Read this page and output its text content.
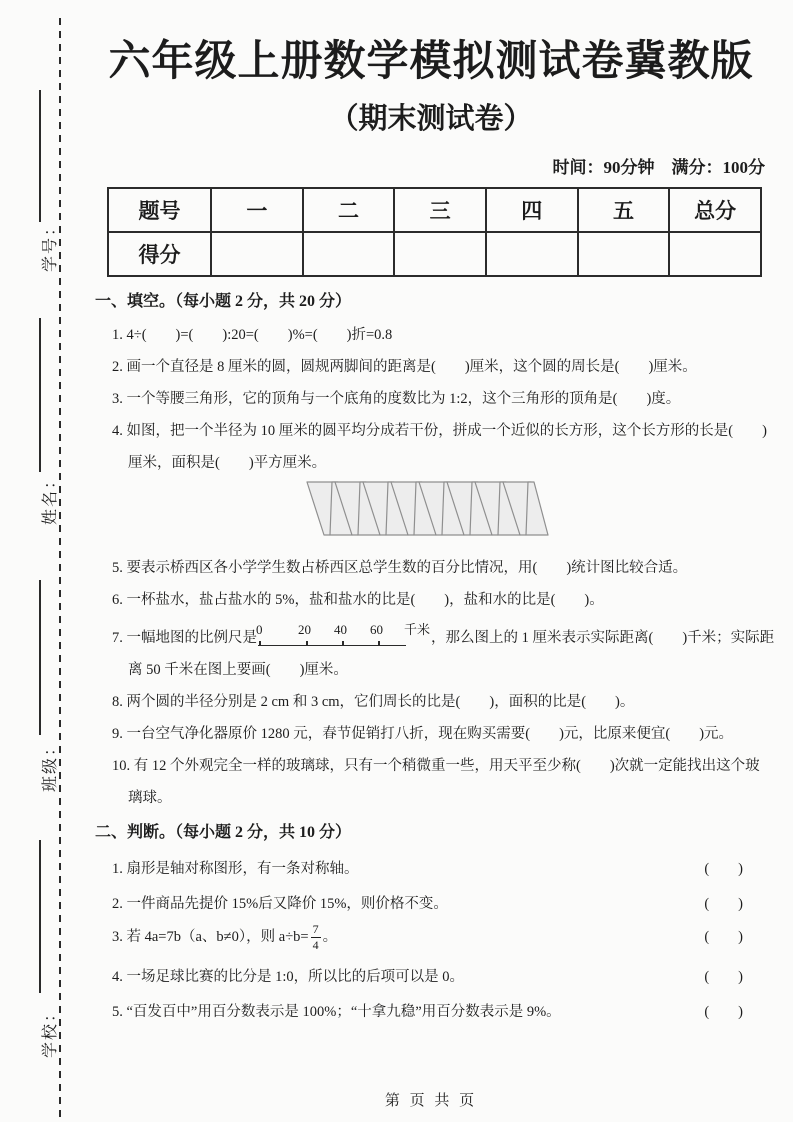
学号：
姓名：
班级：
学校：
六年级上册数学模拟测试卷冀教版
（期末测试卷）
时间：90分钟　满分：100分
题号	一	二	三	四	五	总分
得分						
一、填空。（每小题 2 分，共 20 分）
1. 4÷(　　)=(　　):20=(　　)%=(　　)折=0.8
2. 画一个直径是 8 厘米的圆，圆规两脚间的距离是(　　)厘米，这个圆的周长是(　　)厘米。
3. 一个等腰三角形，它的顶角与一个底角的度数比为 1:2，这个三角形的顶角是(　　)度。
4. 如图，把一个半径为 10 厘米的圆平均分成若干份，拼成一个近似的长方形，这个长方形的长是(　　)
厘米，面积是(　　)平方厘米。
5. 要表示桥西区各小学学生数占桥西区总学生数的百分比情况，用(　　)统计图比较合适。
6. 一杯盐水，盐占盐水的 5%，盐和盐水的比是(　　)，盐和水的比是(　　)。
7. 一幅地图的比例尺是
0	20 40 60 千米
，那么图上的 1 厘米表示实际距离(　　)千米；实际距
离 50 千米在图上要画(　　)厘米。
8. 两个圆的半径分别是 2 cm 和 3 cm，它们周长的比是(　　)，面积的比是(　　)。
9. 一台空气净化器原价 1280 元，春节促销打八折，现在购买需要(　　)元，比原来便宜(　　)元。
10. 有 12 个外观完全一样的玻璃球，只有一个稍微重一些，用天平至少称(　　)次就一定能找出这个玻
璃球。
二、判断。（每小题 2 分，共 10 分）
1. 扇形是轴对称图形，有一条对称轴。	(　　)
2. 一件商品先提价 15%后又降价 15%，则价格不变。	(　　)
3. 若 4a=7b（a、b≠0），则 $a\div b= \frac{7}{4}$ 。	(　　)
4. 一场足球比赛的比分是 1:0，所以比的后项可以是 0。	(　　)
5. “百发百中”用百分数表示是 100%；“十拿九稳”用百分数表示是 9%。	(　　)
第 页 共 页
